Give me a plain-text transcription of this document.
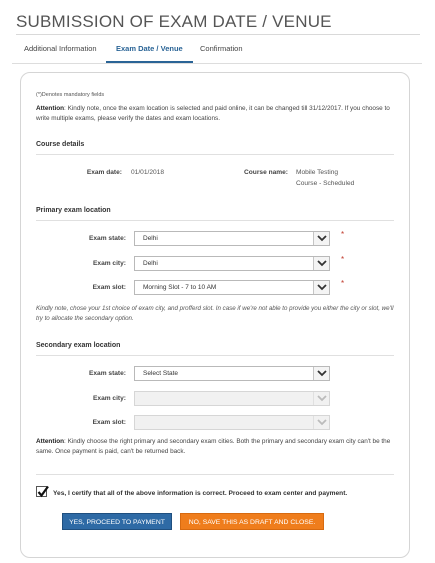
SUBMISSION OF EXAM DATE / VENUE
Additional Information	Exam Date / Venue	Confirmation
(*)Denotes mandatory fields
Attention: Kindly note, once the exam location is selected and paid online, it can be changed till 31/12/2017. If you choose to write multiple exams, please verify the dates and exam locations.
Course details
Exam date: 01/01/2018	Course name: Mobile Testing
Course - Scheduled
Primary exam location
Exam state:	Delhi	*
Exam city:	Delhi	*
Exam slot:	Morning Slot - 7 to 10 AM	*
Kindly note, chose your 1st choice of exam city, and profferd slot. In case if we're not able to provide you either the city or slot, we'll try to allocate the secondary option.
Secondary exam location
Exam state:	Select State
Exam city:
Exam slot:
Attention: Kindly choose the right primary and secondary exam cities. Both the primary and secondary exam city can't be the same. Once payment is paid, can't be returned back.
Yes, I certify that all of the above information is correct. Proceed to exam center and payment.
YES, PROCEED TO PAYMENT	NO, SAVE THIS AS DRAFT AND CLOSE.
